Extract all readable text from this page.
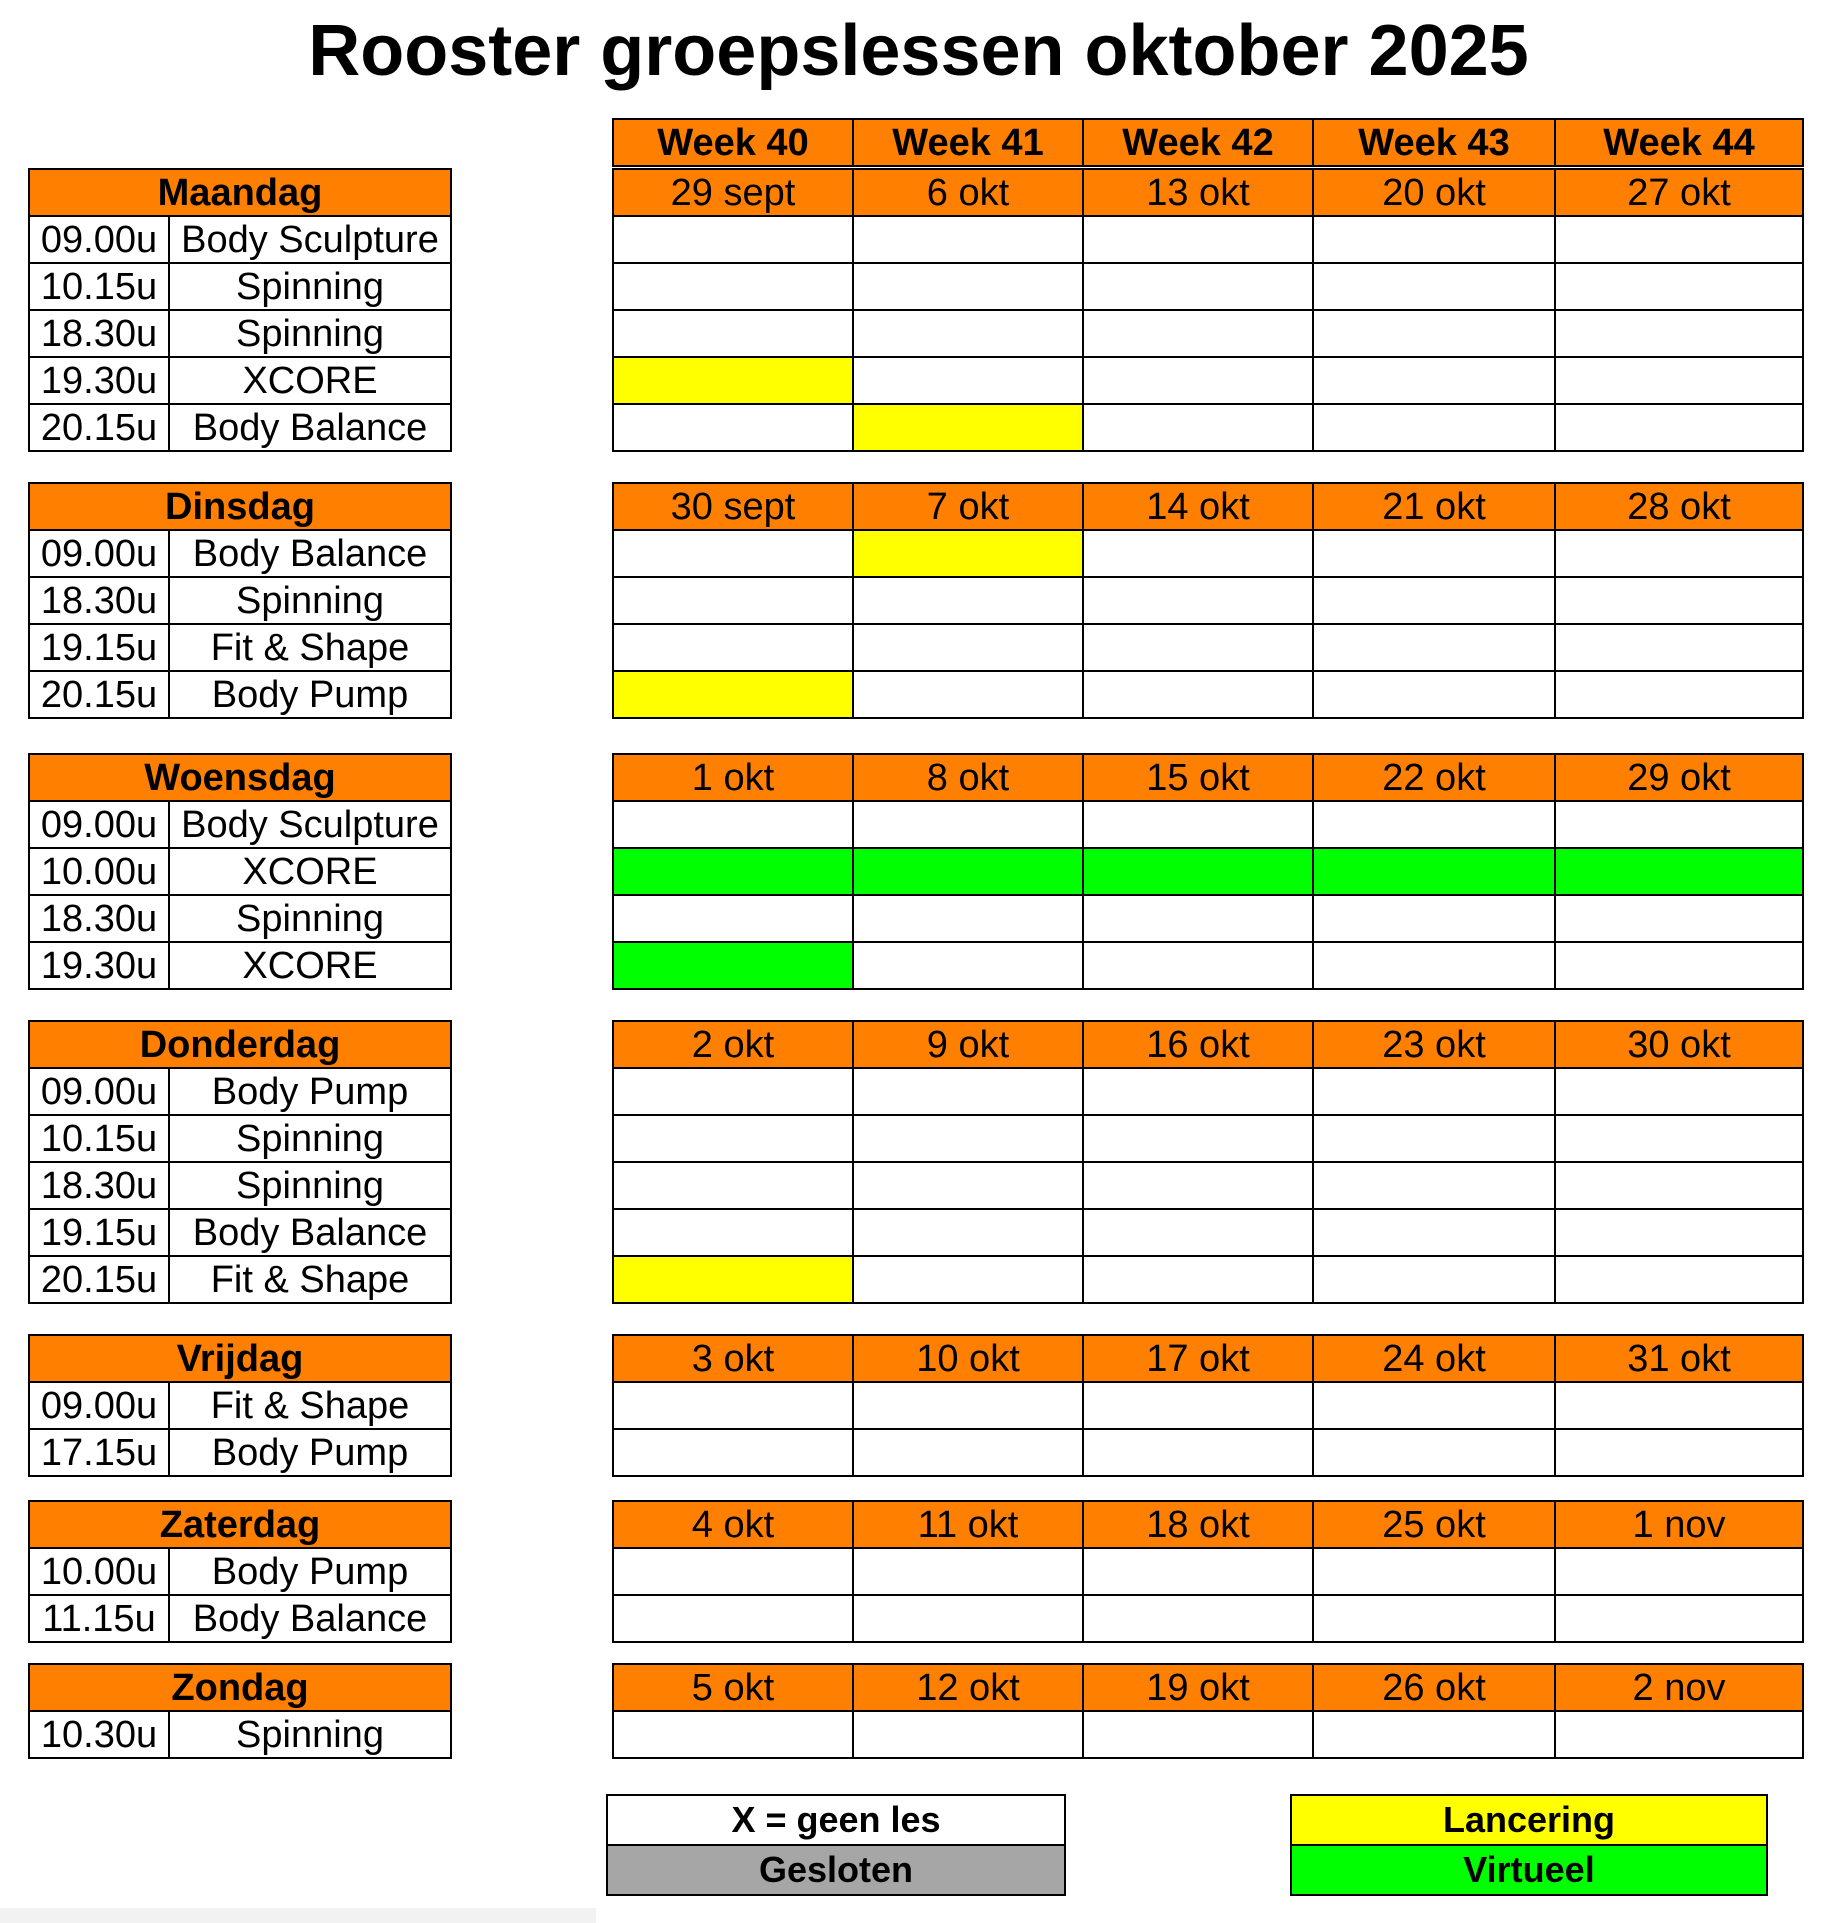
Rooster groepslessen oktober 2025
X = geen les
Gesloten
Lancering
Virtueel
Week 40	Week 41	Week 42	Week 43	Week 44
Maandag	
09.00u	Body Sculpture
10.15u	Spinning
18.30u	Spinning
19.30u	XCORE
20.15u	Body Balance
29 sept	6 okt	13 okt	20 okt	27 okt

Dinsdag	
09.00u	Body Balance
18.30u	Spinning
19.15u	Fit & Shape
20.15u	Body Pump
30 sept	7 okt	14 okt	21 okt	28 okt

Woensdag	
09.00u	Body Sculpture
10.00u	XCORE
18.30u	Spinning
19.30u	XCORE
1 okt	8 okt	15 okt	22 okt	29 okt

Donderdag	
09.00u	Body Pump
10.15u	Spinning
18.30u	Spinning
19.15u	Body Balance
20.15u	Fit & Shape
2 okt	9 okt	16 okt	23 okt	30 okt

Vrijdag	
09.00u	Fit & Shape
17.15u	Body Pump
3 okt	10 okt	17 okt	24 okt	31 okt

Zaterdag	
10.00u	Body Pump
11.15u	Body Balance
4 okt	11 okt	18 okt	25 okt	1 nov

Zondag
10.30u	Spinning
5 okt	12 okt	19 okt	26 okt	2 nov
